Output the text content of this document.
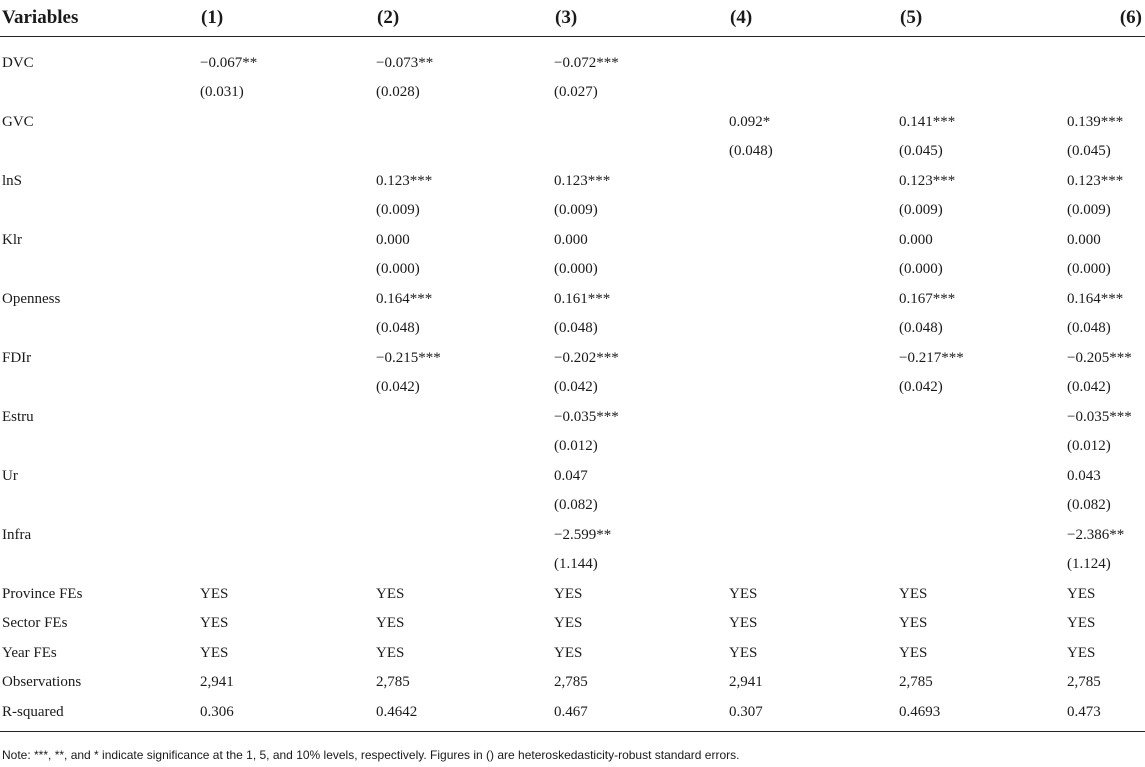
Variables	(1)	(2)	(3)	(4)	(5)	(6)
DVC	−0.067**	−0.073**	−0.072***			
	(0.031)	(0.028)	(0.027)			
GVC				0.092*	0.141***	0.139***
				(0.048)	(0.045)	(0.045)
lnS		0.123***	0.123***		0.123***	0.123***
		(0.009)	(0.009)		(0.009)	(0.009)
Klr		0.000	0.000		0.000	0.000
		(0.000)	(0.000)		(0.000)	(0.000)
Openness		0.164***	0.161***		0.167***	0.164***
		(0.048)	(0.048)		(0.048)	(0.048)
FDIr		−0.215***	−0.202***		−0.217***	−0.205***
		(0.042)	(0.042)		(0.042)	(0.042)
Estru			−0.035***			−0.035***
			(0.012)			(0.012)
Ur			0.047			0.043
			(0.082)			(0.082)
Infra			−2.599**			−2.386**
			(1.144)			(1.124)
Province FEs	YES	YES	YES	YES	YES	YES
Sector FEs	YES	YES	YES	YES	YES	YES
Year FEs	YES	YES	YES	YES	YES	YES
Observations	2,941	2,785	2,785	2,941	2,785	2,785
R-squared	0.306	0.4642	0.467	0.307	0.4693	0.473
Note: ***, **, and * indicate significance at the 1, 5, and 10% levels, respectively. Figures in () are heteroskedasticity-robust standard errors.
